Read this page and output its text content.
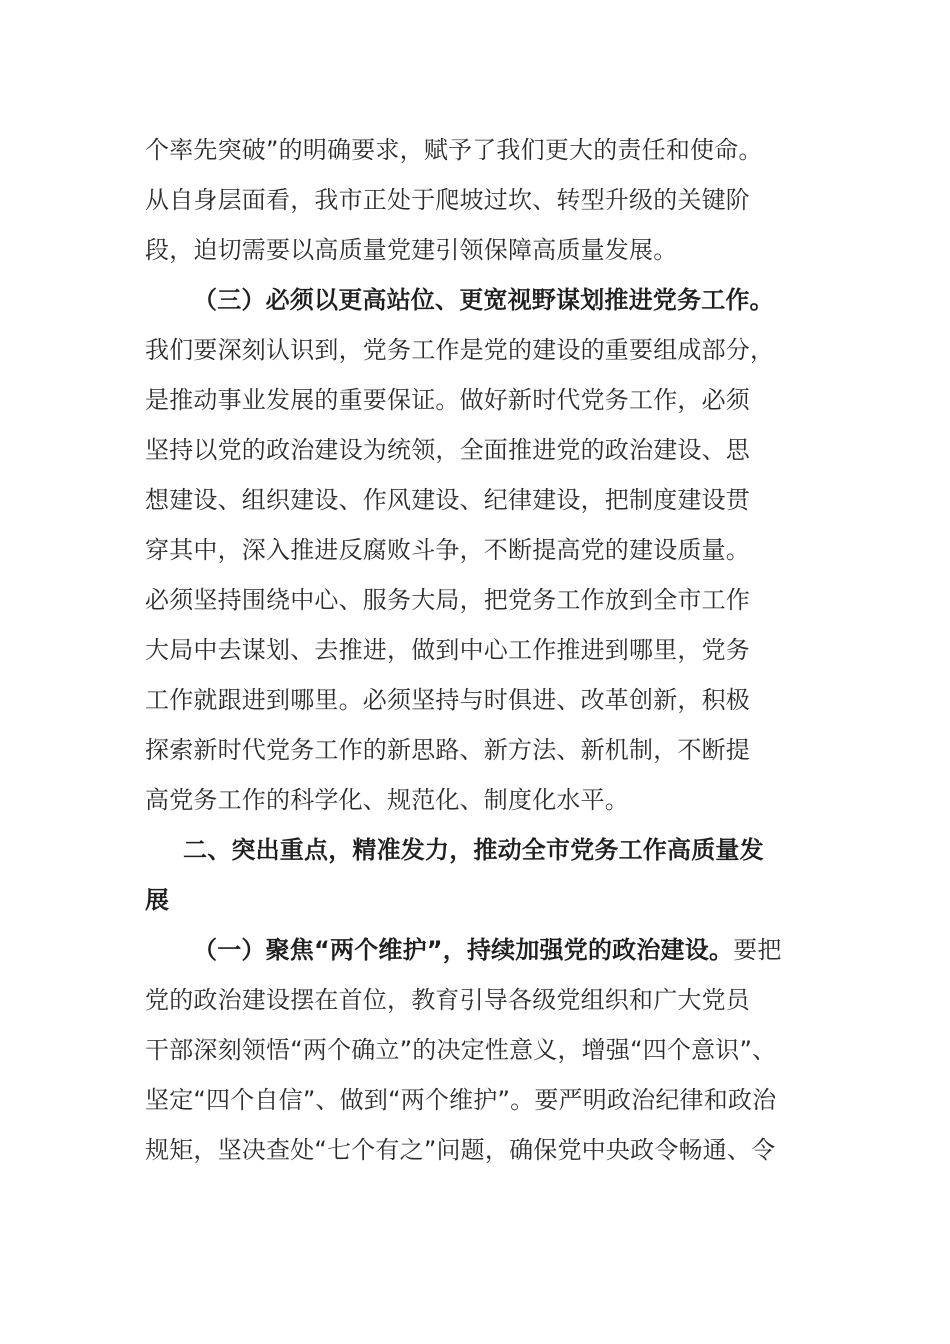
个率先突破”的明确要求，赋予了我们更大的责任和使命。
从自身层面看，我市正处于爬坡过坎、转型升级的关键阶
段，迫切需要以高质量党建引领保障高质量发展。
（三）必须以更高站位、更宽视野谋划推进党务工作。
我们要深刻认识到，党务工作是党的建设的重要组成部分，
是推动事业发展的重要保证。做好新时代党务工作，必须
坚持以党的政治建设为统领，全面推进党的政治建设、思
想建设、组织建设、作风建设、纪律建设，把制度建设贯
穿其中，深入推进反腐败斗争，不断提高党的建设质量。
必须坚持围绕中心、服务大局，把党务工作放到全市工作
大局中去谋划、去推进，做到中心工作推进到哪里，党务
工作就跟进到哪里。必须坚持与时俱进、改革创新，积极
探索新时代党务工作的新思路、新方法、新机制，不断提
高党务工作的科学化、规范化、制度化水平。
二、突出重点，精准发力，推动全市党务工作高质量发
展
（一）聚焦“两个维护”，持续加强党的政治建设。要把
党的政治建设摆在首位，教育引导各级党组织和广大党员
干部深刻领悟“两个确立”的决定性意义，增强“四个意识”、
坚定“四个自信”、做到“两个维护”。要严明政治纪律和政治
规矩，坚决查处“七个有之”问题，确保党中央政令畅通、令
